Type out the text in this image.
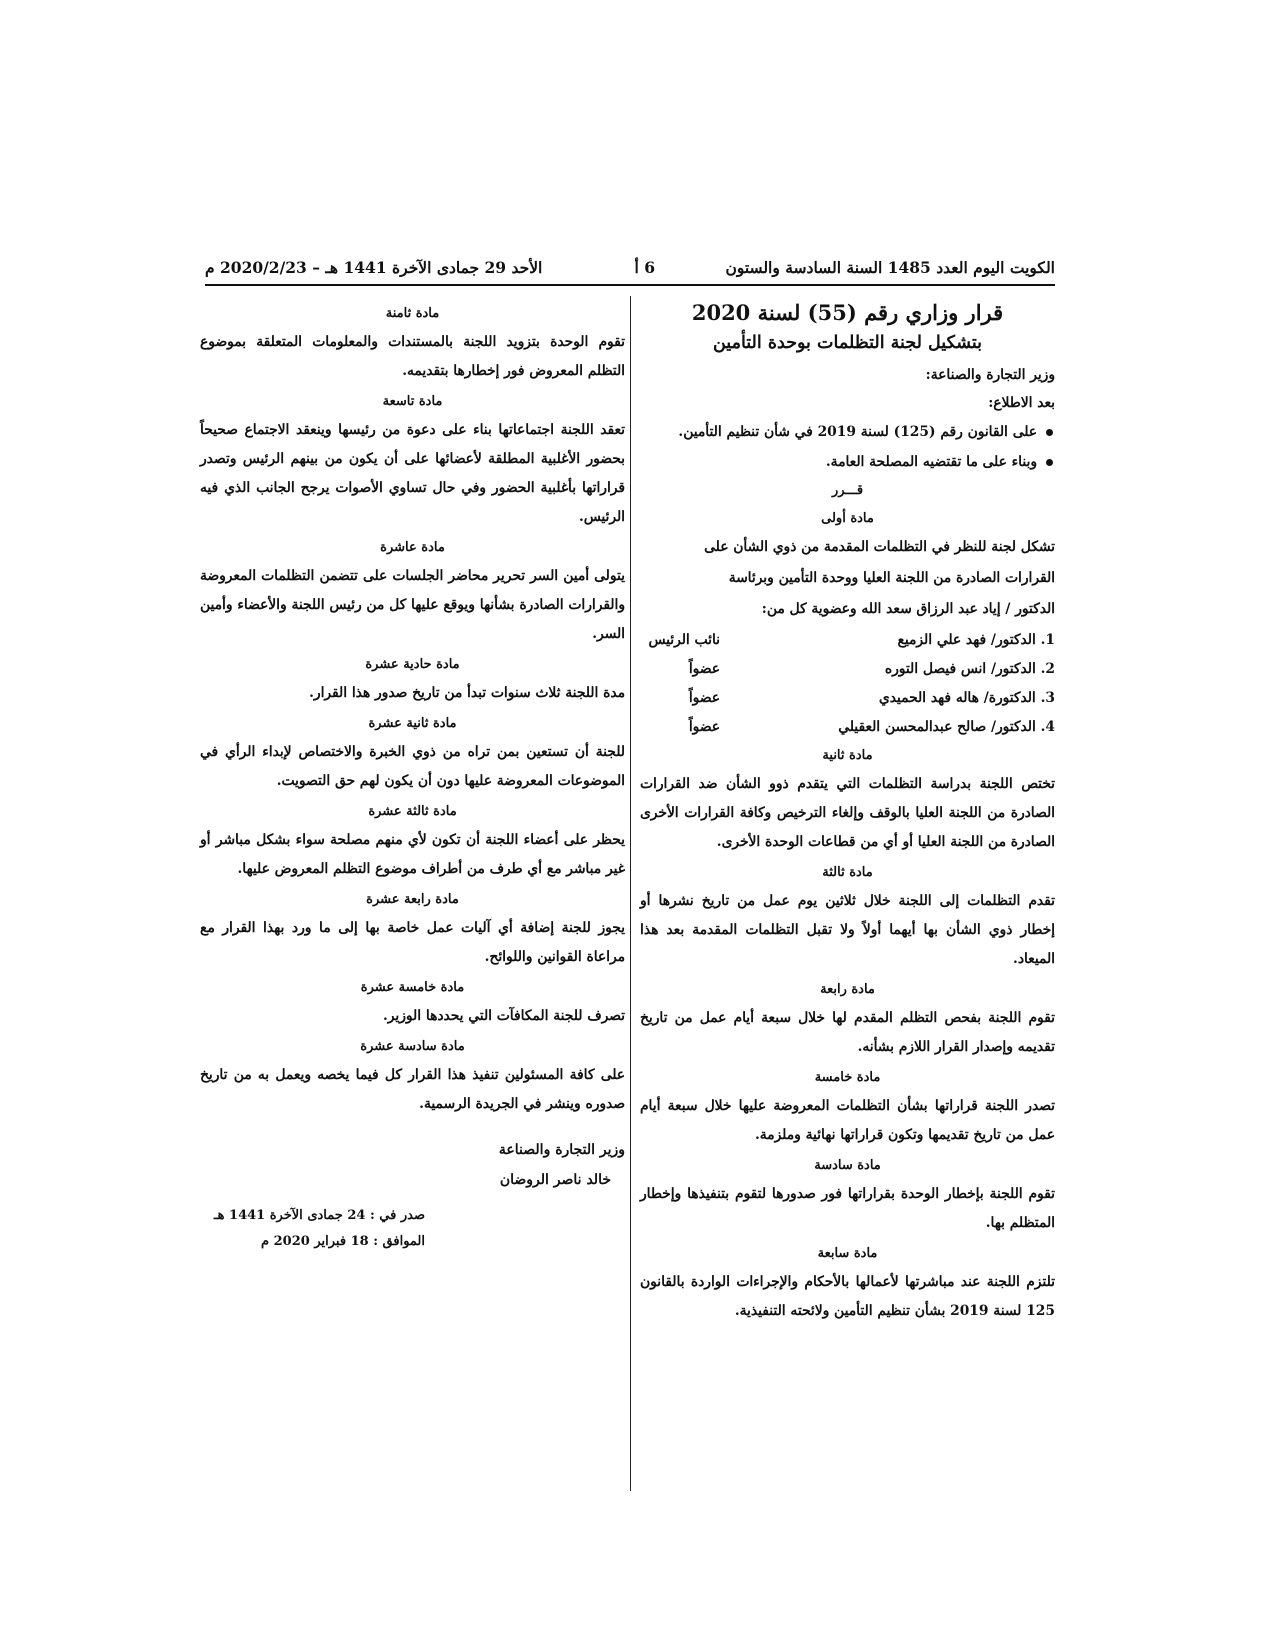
الكويت اليوم العدد 1485 السنة السادسة والستون
6 أ
الأحد 29 جمادى الآخرة 1441 هـ – 2020/2/23 م

قرار وزاري رقم (55) لسنة 2020

بتشكيل لجنة التظلمات بوحدة التأمين

وزير التجارة والصناعة:

بعد الاطلاع:

على القانون رقم (125) لسنة 2019 في شأن تنظيم التأمين.
وبناء على ما تقتضيه المصلحة العامة.

قـــرر

مادة أولى

تشكل لجنة للنظر في التظلمات المقدمة من ذوي الشأن على

القرارات الصادرة من اللجنة العليا ووحدة التأمين وبرئاسة

الدكتور / إياد عبد الرزاق سعد الله وعضوية كل من:

1. الدكتور/ فهد علي الزميع
نائب الرئيس
2. الدكتور/ انس فيصل التوره
عضواً
3. الدكتورة/ هاله فهد الحميدي
عضواً
4. الدكتور/ صالح عبدالمحسن العقيلي
عضواً

مادة ثانية

تختص اللجنة بدراسة التظلمات التي يتقدم ذوو الشأن ضد القرارات الصادرة من اللجنة العليا بالوقف وإلغاء الترخيص وكافة القرارات الأخرى الصادرة من اللجنة العليا أو أي من قطاعات الوحدة الأخرى.

مادة ثالثة

تقدم التظلمات إلى اللجنة خلال ثلاثين يوم عمل من تاريخ نشرها أو إخطار ذوي الشأن بها أيهما أولاً ولا تقبل التظلمات المقدمة بعد هذا الميعاد.

مادة رابعة

تقوم اللجنة بفحص التظلم المقدم لها خلال سبعة أيام عمل من تاريخ تقديمه وإصدار القرار اللازم بشأنه.

مادة خامسة

تصدر اللجنة قراراتها بشأن التظلمات المعروضة عليها خلال سبعة أيام عمل من تاريخ تقديمها وتكون قراراتها نهائية وملزمة.

مادة سادسة

تقوم اللجنة بإخطار الوحدة بقراراتها فور صدورها لتقوم بتنفيذها وإخطار المتظلم بها.

مادة سابعة

تلتزم اللجنة عند مباشرتها لأعمالها بالأحكام والإجراءات الواردة بالقانون 125 لسنة 2019 بشأن تنظيم التأمين ولائحته التنفيذية.

مادة ثامنة

تقوم الوحدة بتزويد اللجنة بالمستندات والمعلومات المتعلقة بموضوع التظلم المعروض فور إخطارها بتقديمه.

مادة تاسعة

تعقد اللجنة اجتماعاتها بناء على دعوة من رئيسها وينعقد الاجتماع صحيحاً بحضور الأغلبية المطلقة لأعضائها على أن يكون من بينهم الرئيس وتصدر قراراتها بأغلبية الحضور وفي حال تساوي الأصوات يرجح الجانب الذي فيه الرئيس.

مادة عاشرة

يتولى أمين السر تحرير محاضر الجلسات على تتضمن التظلمات المعروضة والقرارات الصادرة بشأنها ويوقع عليها كل من رئيس اللجنة والأعضاء وأمين السر.

مادة حادية عشرة

مدة اللجنة ثلاث سنوات تبدأ من تاريخ صدور هذا القرار.

مادة ثانية عشرة

للجنة أن تستعين بمن تراه من ذوي الخبرة والاختصاص لإبداء الرأي في الموضوعات المعروضة عليها دون أن يكون لهم حق التصويت.

مادة ثالثة عشرة

يحظر على أعضاء اللجنة أن تكون لأي منهم مصلحة سواء بشكل مباشر أو غير مباشر مع أي طرف من أطراف موضوع التظلم المعروض عليها.

مادة رابعة عشرة

يجوز للجنة إضافة أي آليات عمل خاصة بها إلى ما ورد بهذا القرار مع مراعاة القوانين واللوائح.

مادة خامسة عشرة

تصرف للجنة المكافآت التي يحددها الوزير.

مادة سادسة عشرة

على كافة المسئولين تنفيذ هذا القرار كل فيما يخصه ويعمل به من تاريخ صدوره وينشر في الجريدة الرسمية.

وزير التجارة والصناعة

خالد ناصر الروضان

صدر في : 24 جمادى الآخرة 1441 هـ

الموافق : 18 فبراير 2020 م
